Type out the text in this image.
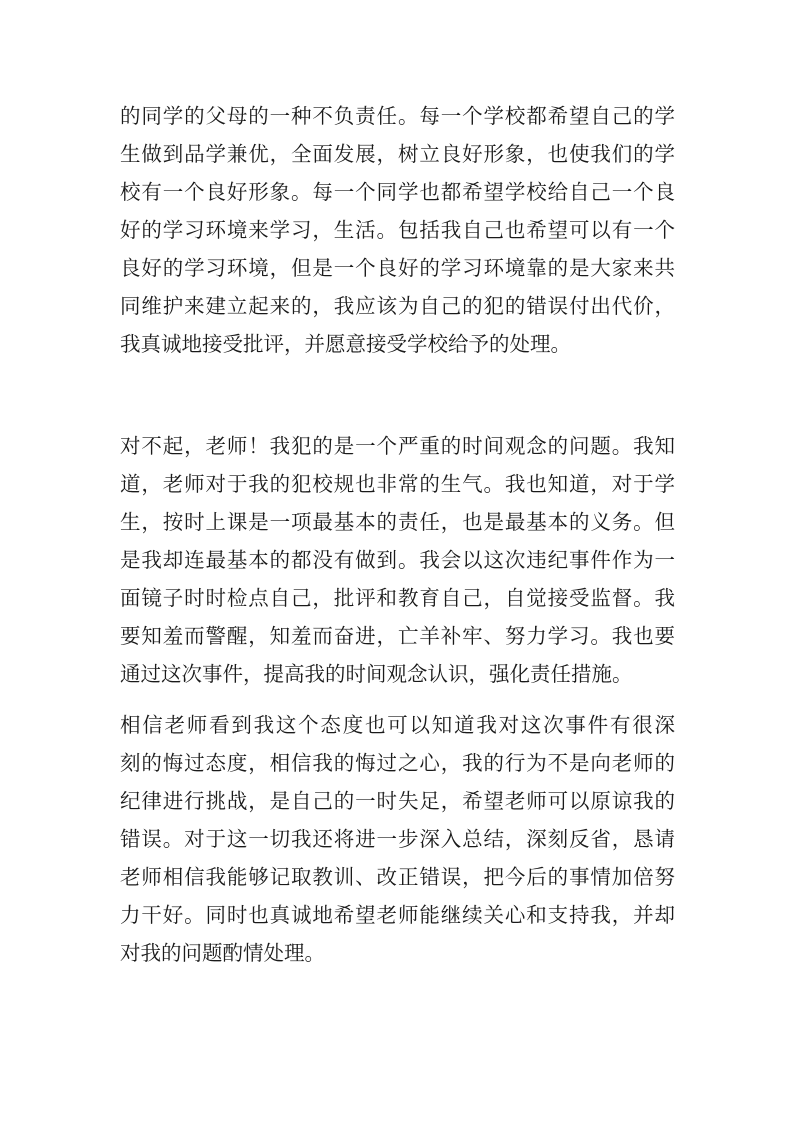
的同学的父母的一种不负责任。每一个学校都希望自己的学
生做到品学兼优，全面发展，树立良好形象，也使我们的学
校有一个良好形象。每一个同学也都希望学校给自己一个良
好的学习环境来学习，生活。包括我自己也希望可以有一个
良好的学习环境，但是一个良好的学习环境靠的是大家来共
同维护来建立起来的，我应该为自己的犯的错误付出代价，
我真诚地接受批评，并愿意接受学校给予的处理。
对不起，老师！我犯的是一个严重的时间观念的问题。我知
道，老师对于我的犯校规也非常的生气。我也知道，对于学
生，按时上课是一项最基本的责任，也是最基本的义务。但
是我却连最基本的都没有做到。我会以这次违纪事件作为一
面镜子时时检点自己，批评和教育自己，自觉接受监督。我
要知羞而警醒，知羞而奋进，亡羊补牢、努力学习。我也要
通过这次事件，提高我的时间观念认识，强化责任措施。
相信老师看到我这个态度也可以知道我对这次事件有很深
刻的悔过态度，相信我的悔过之心，我的行为不是向老师的
纪律进行挑战，是自己的一时失足，希望老师可以原谅我的
错误。对于这一切我还将进一步深入总结，深刻反省，恳请
老师相信我能够记取教训、改正错误，把今后的事情加倍努
力干好。同时也真诚地希望老师能继续关心和支持我，并却
对我的问题酌情处理。
